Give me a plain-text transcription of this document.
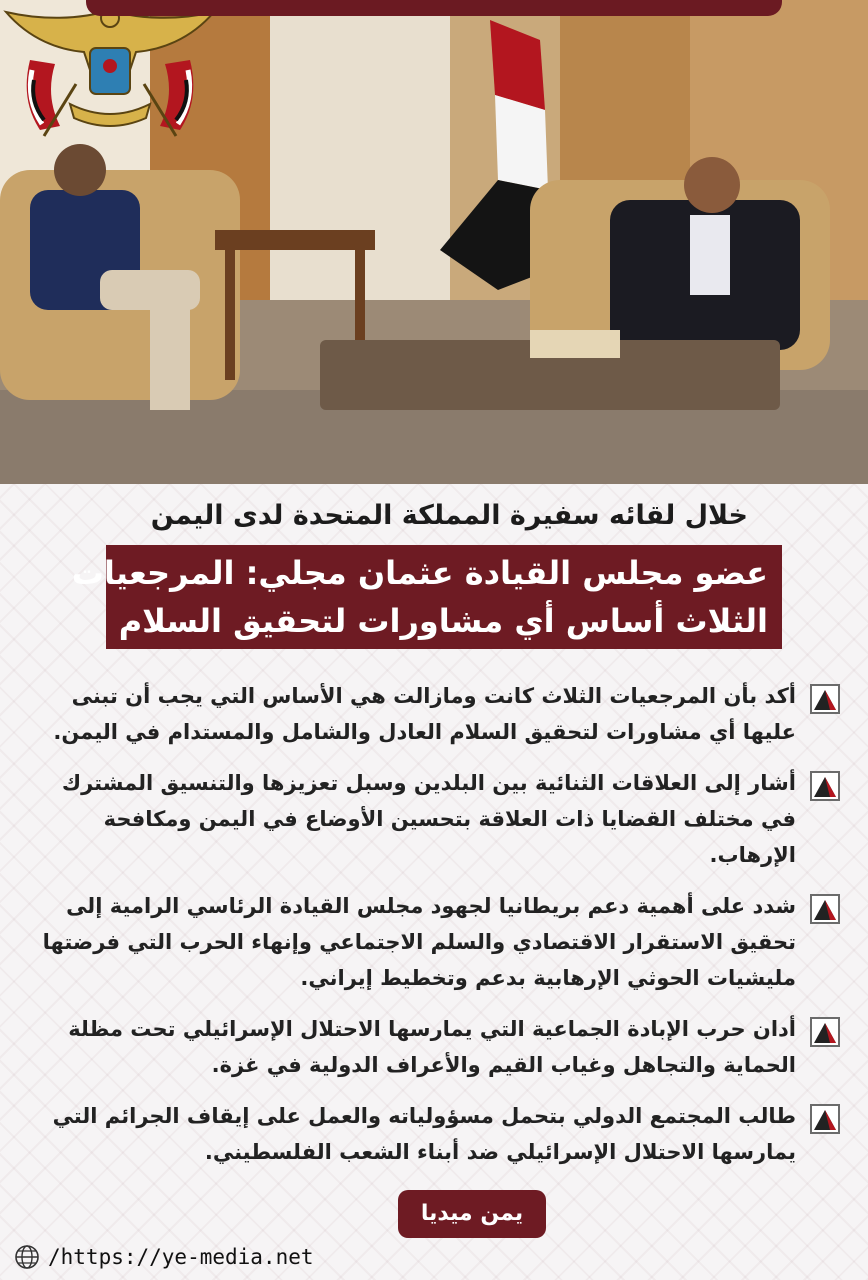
خلال لقائه سفيرة المملكة المتحدة لدى اليمن
عضو مجلس القيادة عثمان مجلي: المرجعيات
الثلاث أساس أي مشاورات لتحقيق السلام
أكد بأن المرجعيات الثلاث كانت ومازالت هي الأساس التي يجب أن تبنى عليها أي مشاورات لتحقيق السلام العادل والشامل والمستدام في اليمن.
أشار إلى العلاقات الثنائية بين البلدين وسبل تعزيزها والتنسيق المشترك في مختلف القضايا ذات العلاقة بتحسين الأوضاع في اليمن ومكافحة الإرهاب.
شدد على أهمية دعم بريطانيا لجهود مجلس القيادة الرئاسي الرامية إلى تحقيق الاستقرار الاقتصادي والسلم الاجتماعي وإنهاء الحرب التي فرضتها مليشيات الحوثي الإرهابية بدعم وتخطيط إيراني.
أدان حرب الإبادة الجماعية التي يمارسها الاحتلال الإسرائيلي تحت مظلة الحماية والتجاهل وغياب القيم والأعراف الدولية في غزة.
طالب المجتمع الدولي بتحمل مسؤولياته والعمل على إيقاف الجرائم التي يمارسها الاحتلال الإسرائيلي ضد أبناء الشعب الفلسطيني.
يمن ميديا
/https://ye-media.net
